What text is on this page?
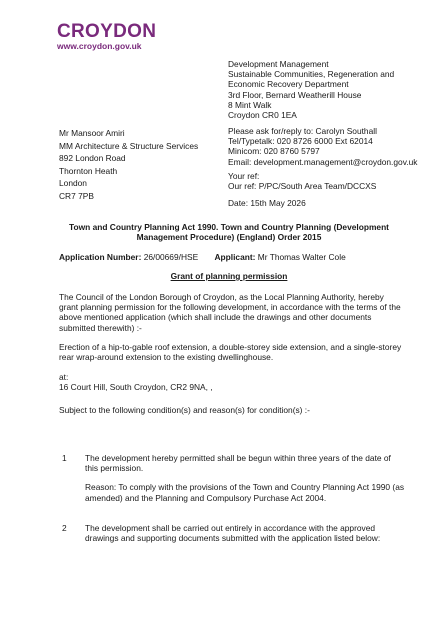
CROYDON
www.croydon.gov.uk
Development Management
Sustainable Communities, Regeneration and
Economic Recovery Department
3rd Floor, Bernard Weatherill House
8 Mint Walk
Croydon CR0 1EA
Mr Mansoor Amiri
MM Architecture & Structure Services
892 London Road
Thornton Heath
London
CR7 7PB
Please ask for/reply to: Carolyn Southall
Tel/Typetalk: 020 8726 6000 Ext 62014
Minicom: 020 8760 5797
Email: development.management@croydon.gov.uk
Your ref:
Our ref: P/PC/South Area Team/DCCXS
Date: 15th May 2026
Town and Country Planning Act 1990. Town and Country Planning (Development Management Procedure) (England) Order 2015
Application Number: 26/00669/HSE Applicant: Mr Thomas Walter Cole
Grant of planning permission
The Council of the London Borough of Croydon, as the Local Planning Authority, hereby grant planning permission for the following development, in accordance with the terms of the above mentioned application (which shall include the drawings and other documents submitted therewith) :-
Erection of a hip-to-gable roof extension, a double-storey side extension, and a single-storey rear wrap-around extension to the existing dwellinghouse.
at:
16 Court Hill, South Croydon, CR2 9NA, ,
Subject to the following condition(s) and reason(s) for condition(s) :-
1 The development hereby permitted shall be begun within three years of the date of this permission.
Reason: To comply with the provisions of the Town and Country Planning Act 1990 (as amended) and the Planning and Compulsory Purchase Act 2004.
2 The development shall be carried out entirely in accordance with the approved drawings and supporting documents submitted with the application listed below:
